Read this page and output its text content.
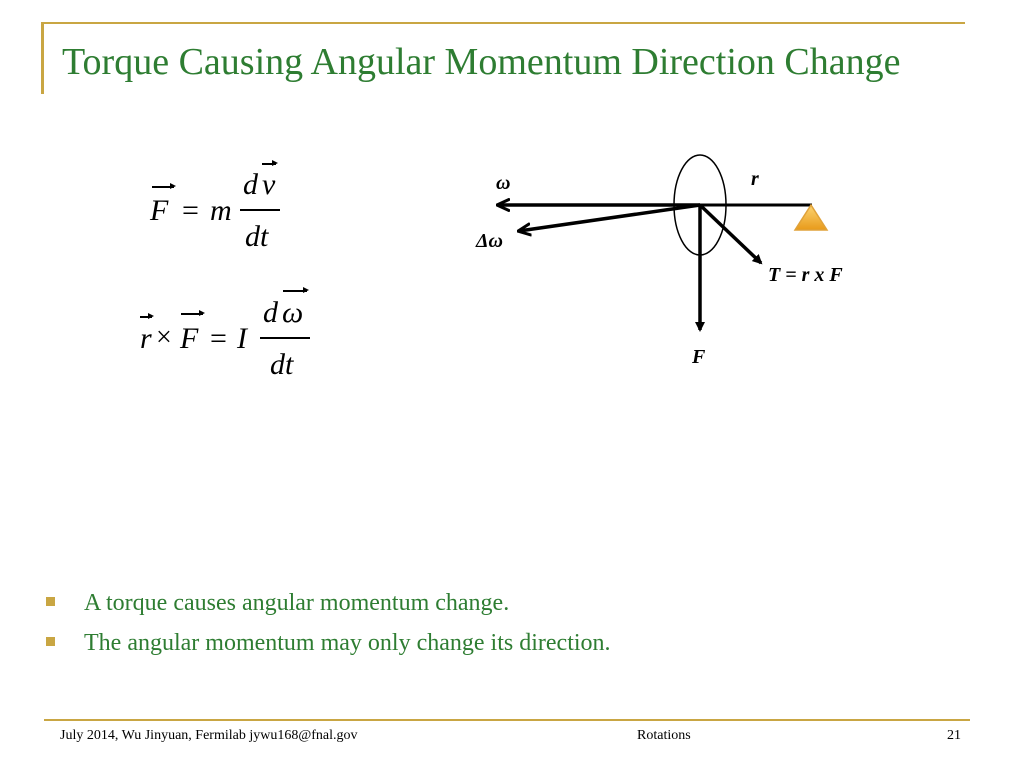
Torque Causing Angular Momentum Direction Change
F = m
d v
dt
r × F = I
d ω
dt
ω
Δω
r
T = r x F
F
A torque causes angular momentum change.
The angular momentum may only change its direction.
July 2014, Wu Jinyuan, Fermilab jywu168@fnal.gov	Rotations	21
